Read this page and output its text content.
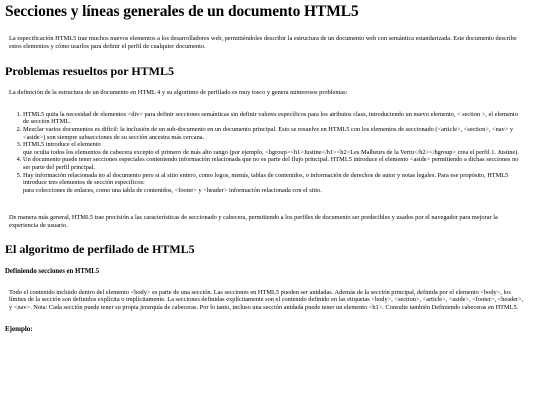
Secciones y líneas generales de un documento HTML5

La especificación HTML5 trae muchos nuevos elementos a los desarrolladores web, permitiéndoles describir la estructura de un documento web con semántica estandarizada. Este documento describe estos elementos y cómo usarlos para definir el perfil de cualquier documento.

Problemas resueltos por HTML5

La definición de la estructura de un documento en HTML 4 y su algoritmo de perfilado es muy tosco y genera numerosos problemas:

1. HTML5 quita la necesidad de elementos <div> para definir secciones semánticas sin definir valores específicos para los atributos class, introduciendo un nuevo elemento, < section >, el elemento de sección HTML.
2. Mezclar varios documentos es difícil: la inclusión de un sub-documento en un documento principal. Esto se resuelve en HTML5 con los elementos de seccionado (<article>, <section>, <nav> y <aside>) son siempre subsecciones de su sección ancestra más cercana.
3. HTML5 introduce el elemento
que oculta todos los elementos de cabecera excepto el primero de más alto rango (por ejemplo, <hgroup><h1>Justine</h1><h2>Les Malheurs de la Vertu</h2></hgroup> crea el perfil 1. Justine).
4. Un documento puede tener secciones especiales conteniendo información relacionada que no es parte del flujo principal. HTML5 introduce el elemento <aside> permitiendo a dichas secciones no ser parte del perfil principal.
5. Hay información relacionada no al documento pero si al sitio entero, como logos, menús, tablas de contenidos, o información de derechos de autor y notas legales. Para ese propósito, HTML5 introduce tres elementos de sección específicos:
para colecciones de enlaces, como una tabla de contenidos, <footer> y <header> información relacionada con el sitio.

De manera más general, HTML5 trae precisión a las características de seccionado y cabecera, permitiendo a los perfiles de documento ser predecibles y usados por el navegador para mejorar la experiencia de usuario.

El algoritmo de perfilado de HTML5
Definiendo secciones en HTML5

Todo el contenido incluido dentro del elemento <body> es parte de una sección. Las secciones en HTML5 pueden ser anidadas. Además de la sección principal, definida por el elemento <body>, los límites de la sección son definidos explícita o implícitamente. La secciones definidas explícitamente son el contenido definido en las etiquetas <body>, <section>, <article>, <aside>, <footer>, <header>, y <nav>. Nota: Cada sección puede tener su propia jerarquía de cabeceras. Por lo tanto, incluso una sección anidada puede tener un elemento <h1>. Consulte también Definiendo cabeceras en HTML5.

Ejemplo:
